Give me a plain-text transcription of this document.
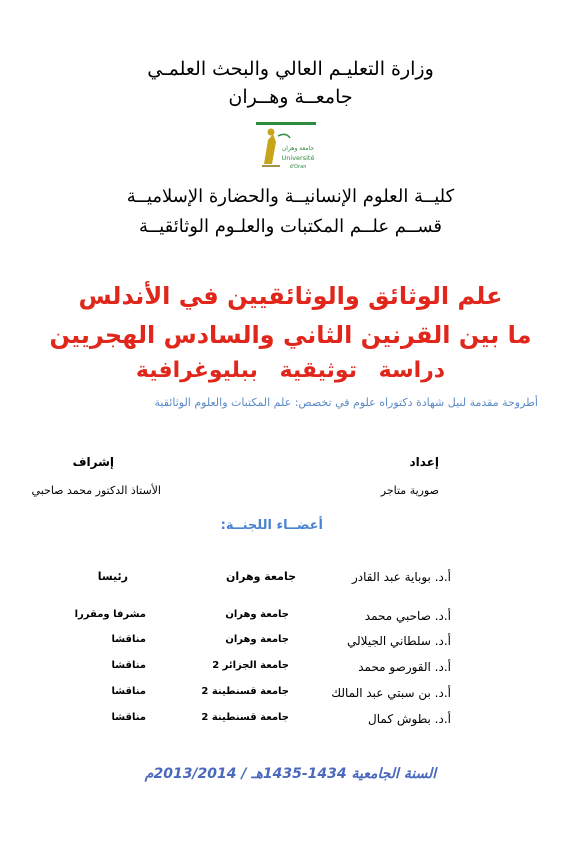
وزارة التعليـم العالي والبحث العلمـي
جامعــة وهــران
جامعة وهران
Université
d'Oran
كليــة العلوم الإنسانيــة والحضارة الإسلاميــة
قســم علــم المكتبات والعلـوم الوثائقيــة
علم الوثائق والوثائقيين في الأندلس
ما بين القرنين الثاني والسادس الهجريين
دراسة توثيقية ببليوغرافية
أطروحة مقدمة لنيل شهادة دكتوراه علوم في تخصص: علم المكتبات والعلوم الوثائقية
إعداد
إشراف
صورية متاجر
الأستاذ الدكتور محمد صاحبي
أعضــاء اللجنــة:
أ.د. بوباية عبد القادر
جامعة وهران
رئيسا
أ.د. صاحبي محمد
جامعة وهران
مشرفا ومقررا
أ.د. سلطاني الجيلالي
جامعة وهران
مناقشا
أ.د. القورصو محمد
جامعة الجزائر 2
مناقشا
أ.د. بن سبتي عبد المالك
جامعة قسنطينة 2
مناقشا
أ.د. بطوش كمال
جامعة قسنطينة 2
مناقشا
السنة الجامعية 1434-1435هـ / 2013/2014م
